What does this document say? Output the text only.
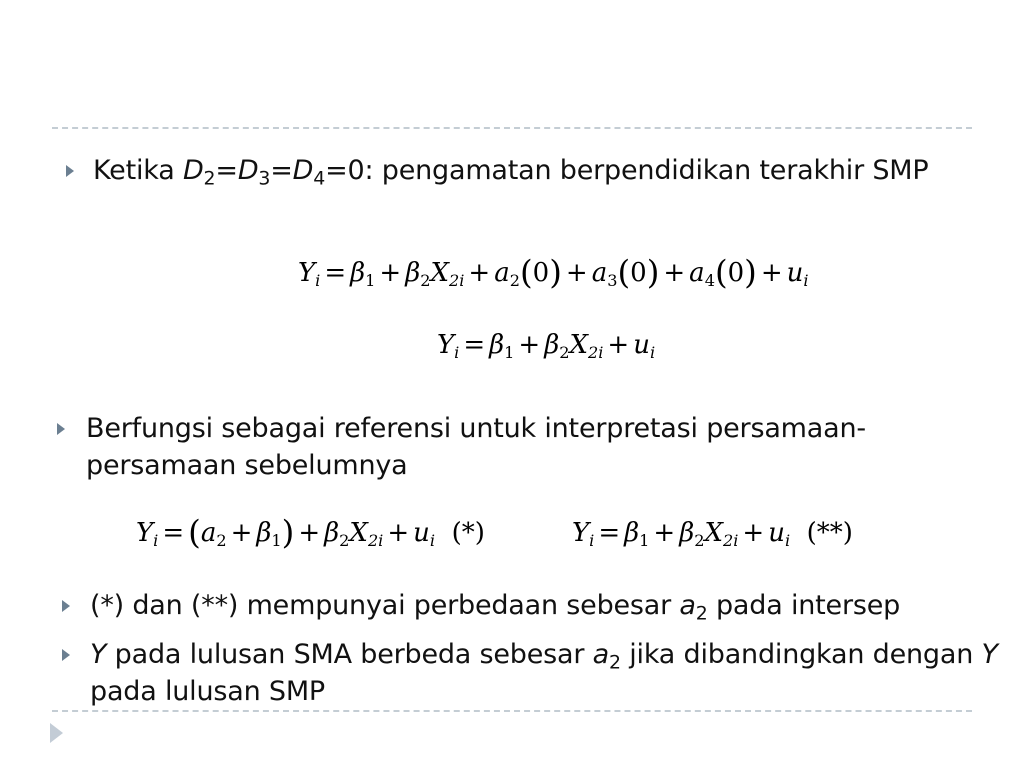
Ketika $D_2=D_3=D_4=0$: pengamatan berpendidikan terakhir SMP
$Y_i = \beta_1 + \beta_2X_{2i} + a_2(0) + a_3(0) + a_4(0) + u_i$
$Y_i = \beta_1 + \beta_2X_{2i} + u_i$
Berfungsi sebagai referensi untuk interpretasi persamaan-
persamaan sebelumnya
$Y_i = (a_2 + \beta_1) + \beta_2X_{2i} + u_i$ (*)	$Y_i = \beta_1 + \beta_2X_{2i} + u_i$ (**)
(*) dan (**) mempunyai perbedaan sebesar $a_2$ pada intersep
Y pada lulusan SMA berbeda sebesar $a_2$ jika dibandingkan dengan Y
pada lulusan SMP
